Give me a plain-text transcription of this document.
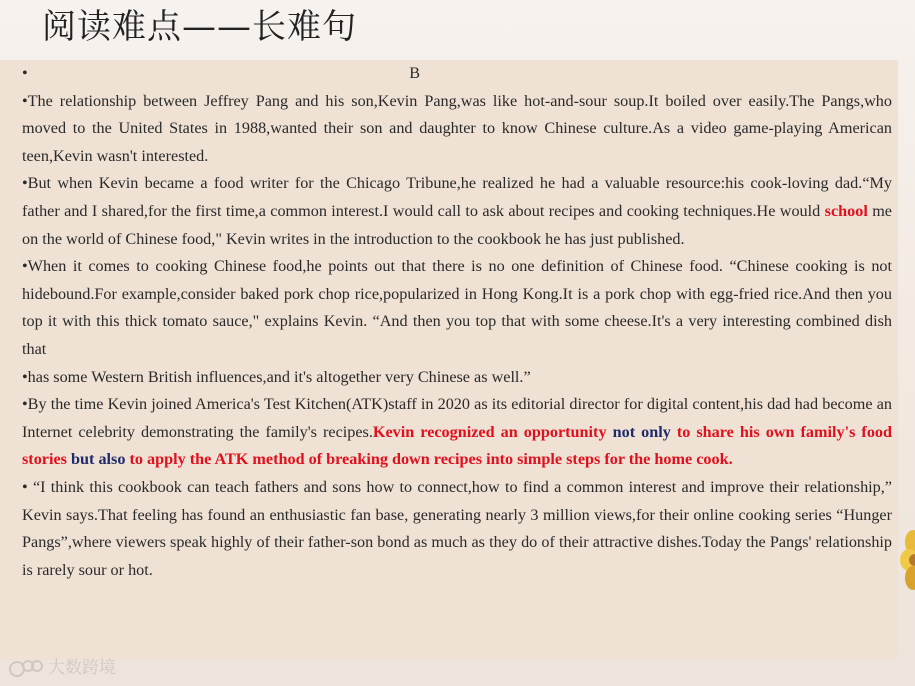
阅读难点——长难句

•	B

•The relationship between Jeffrey Pang and his son,Kevin Pang,was like hot-and-sour soup.It boiled over easily.The Pangs,who moved to the United States in 1988,wanted their son and daughter to know Chinese culture.As a video game-playing American teen,Kevin wasn't interested.

•But when Kevin became a food writer for the Chicago Tribune,he realized he had a valuable resource:his cook-loving dad.“My father and I shared,for the first time,a common interest.I would call to ask about recipes and cooking techniques.He would school me on the world of Chinese food," Kevin writes in the introduction to the cookbook he has just published.

•When it comes to cooking Chinese food,he points out that there is no one definition of Chinese food. “Chinese cooking is not hidebound.For example,consider baked pork chop rice,popularized in Hong Kong.It is a pork chop with egg-fried rice.And then you top it with this thick tomato sauce," explains Kevin. “And then you top that with some cheese.It's a very interesting combined dish that

•has some Western British influences,and it's altogether very Chinese as well.”

•By the time Kevin joined America's Test Kitchen(ATK)staff in 2020 as its editorial director for digital content,his dad had become an Internet celebrity demonstrating the family's recipes.Kevin recognized an opportunity not only to share his own family's food stories but also to apply the ATK method of breaking down recipes into simple steps for the home cook.

• “I think this cookbook can teach fathers and sons how to connect,how to find a common interest and improve their relationship,” Kevin says.That feeling has found an enthusiastic fan base, generating nearly 3 million views,for their online cooking series “Hunger Pangs”,where viewers speak highly of their father-son bond as much as they do of their attractive dishes.Today the Pangs' relationship is rarely sour or hot.

大数跨境
